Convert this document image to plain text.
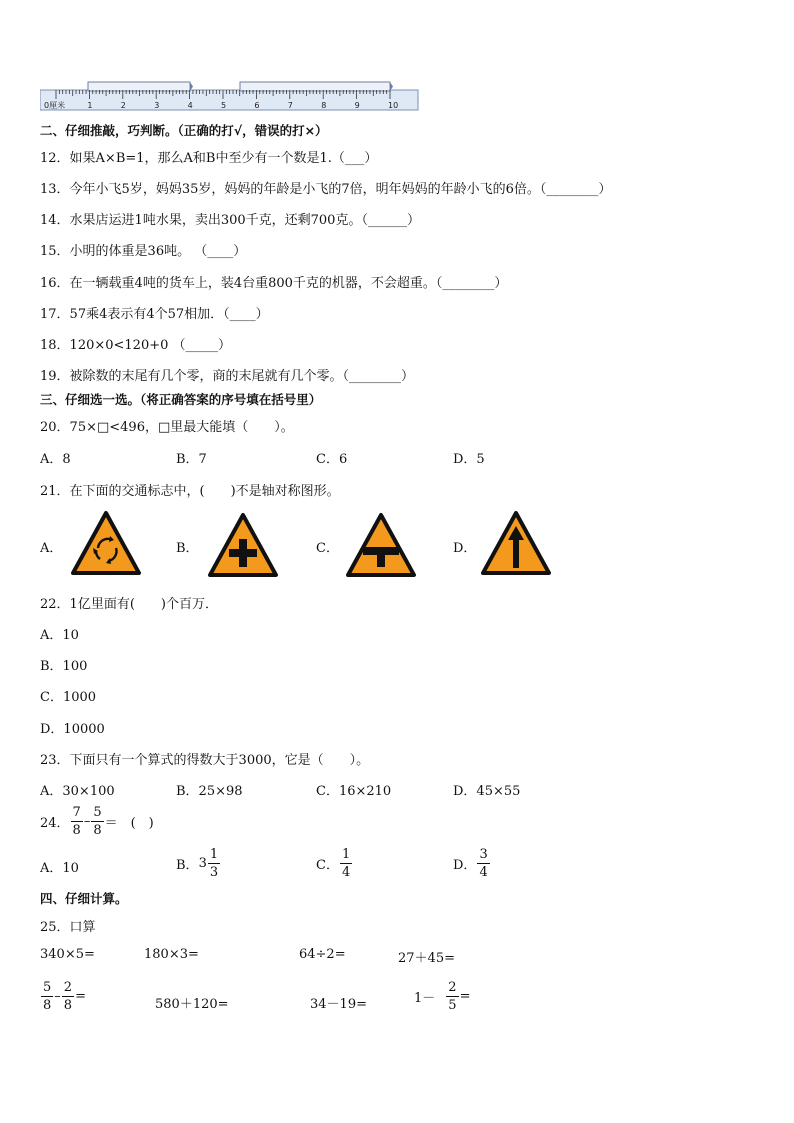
0厘米	1	2	3	4	5	6	7	8	9	10
二、仔细推敲，巧判断。（正确的打√，错误的打×）
12．如果A×B=1，那么A和B中至少有一个数是1.（___）
13．今年小飞5岁，妈妈35岁，妈妈的年龄是小飞的7倍，明年妈妈的年龄小飞的6倍。（________）
14．水果店运进1吨水果，卖出300千克，还剩700克。（______）
15．小明的体重是36吨。 （____）
16．在一辆载重4吨的货车上，装4台重800千克的机器，不会超重。（________）
17．57乘4表示有4个57相加．（____）
18．120×0<120+0 （_____）
19．被除数的末尾有几个零，商的末尾就有几个零。（________）
三、仔细选一选。（将正确答案的序号填在括号里）
20．75×□<496，□里最大能填（　　）。
A．8	B．7	C．6	D．5
21．在下面的交通标志中，(　　)不是轴对称图形。
A．	B．	C．	D．
22．1亿里面有(　　)个百万．
A．10
B．100
C．1000
D．10000
23．下面只有一个算式的得数大于3000，它是（　　）。
A．30×100	B．25×98	C．16×210	D．45×55
24． $\frac{7}{8} - \frac{5}{8}$ ＝　(　)
A．10	B． $3 \frac{1}{3}$	C． $\frac{1}{4}$	D． $\frac{3}{4}$
四、仔细计算。
25．口算
340×5=	180×3=	64÷2=	27＋45=
$\frac{5}{8} - \frac{2}{8}$ =
580＋120=	34－19=	$1- \frac{2}{5}$ =
